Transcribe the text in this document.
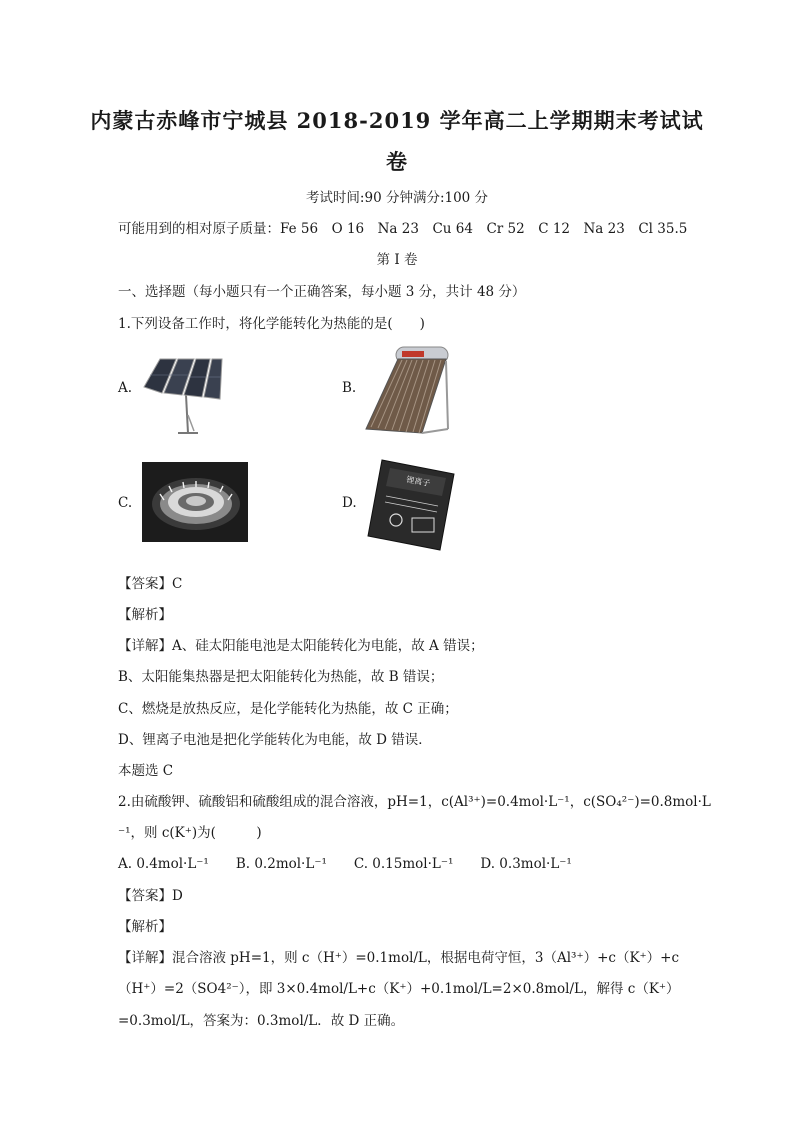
内蒙古赤峰市宁城县 2018-2019 学年高二上学期期末考试试
卷
考试时间:90 分钟满分:100 分
可能用到的相对原子质量：Fe 56　O 16　Na 23　Cu 64　Cr 52　C 12　Na 23　Cl 35.5
第 I 卷
一、选择题（每小题只有一个正确答案，每小题 3 分，共计 48 分）
1.下列设备工作时，将化学能转化为热能的是(　　)
A.	B.
C.	D.
锂离子
【答案】C
【解析】
【详解】A、硅太阳能电池是太阳能转化为电能，故 A 错误；
B、太阳能集热器是把太阳能转化为热能，故 B 错误；
C、燃烧是放热反应，是化学能转化为热能，故 C 正确；
D、锂离子电池是把化学能转化为电能，故 D 错误．
本题选 C
2.由硫酸钾、硫酸铝和硫酸组成的混合溶液，pH=1，c(Al³⁺)=0.4mol·L⁻¹，c(SO₄²⁻)=0.8mol·L
⁻¹，则 c(K⁺)为(　　　)
A. 0.4mol·L⁻¹　　B. 0.2mol·L⁻¹　　C. 0.15mol·L⁻¹　　D. 0.3mol·L⁻¹
【答案】D
【解析】
【详解】混合溶液 pH=1，则 c（H⁺）=0.1mol/L，根据电荷守恒，3（Al³⁺）+c（K⁺）+c
（H⁺）=2（SO4²⁻），即 3×0.4mol/L+c（K⁺）+0.1mol/L=2×0.8mol/L，解得 c（K⁺）
=0.3mol/L，答案为：0.3mol/L．故 D 正确。
